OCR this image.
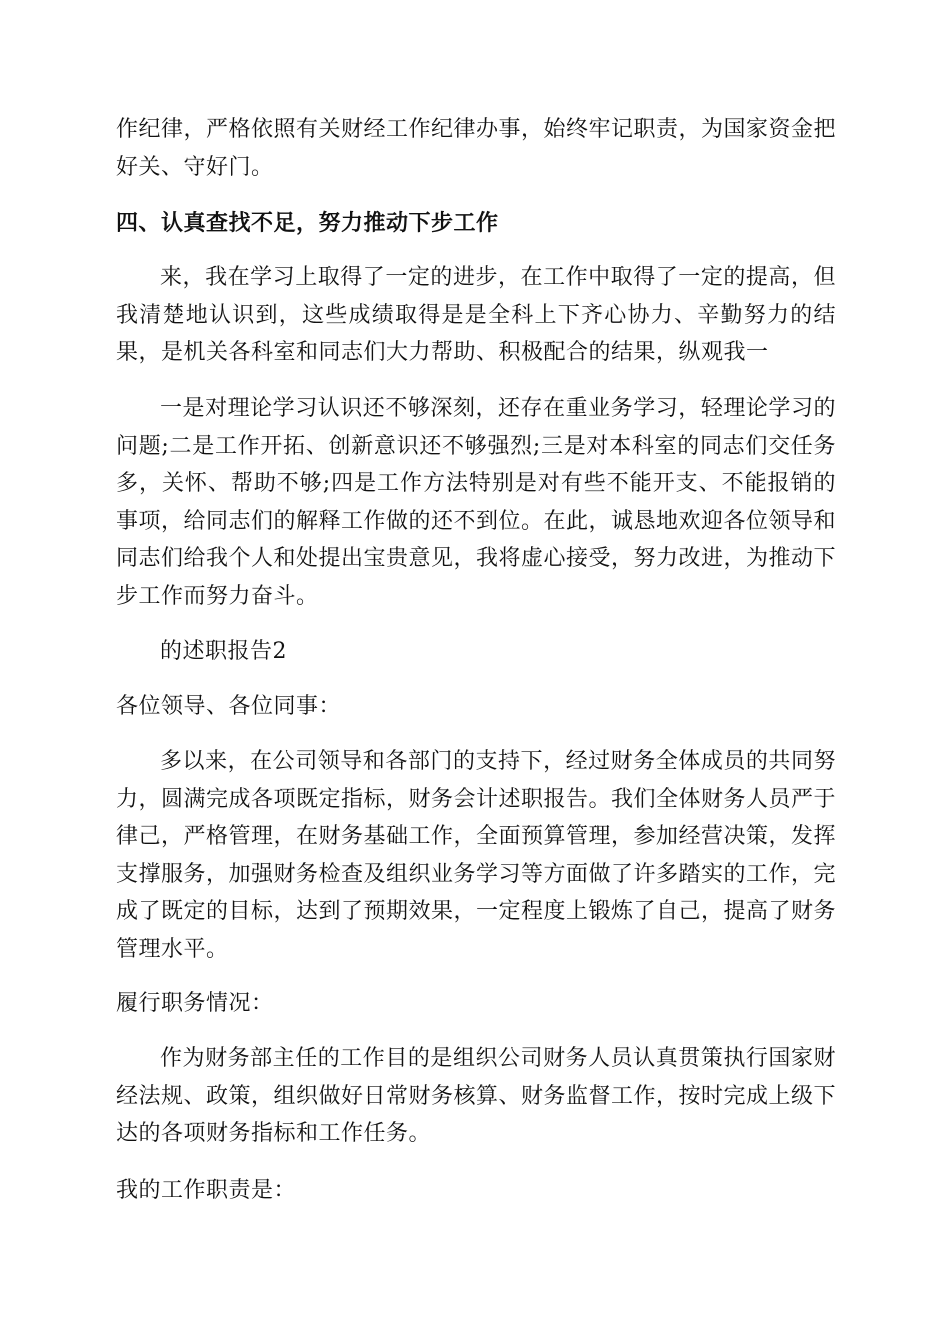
作纪律，严格依照有关财经工作纪律办事，始终牢记职责，为国家资金把好关、守好门。

四、认真查找不足，努力推动下步工作

来，我在学习上取得了一定的进步，在工作中取得了一定的提高，但我清楚地认识到，这些成绩取得是是全科上下齐心协力、辛勤努力的结果，是机关各科室和同志们大力帮助、积极配合的结果，纵观我一

一是对理论学习认识还不够深刻，还存在重业务学习，轻理论学习的问题;二是工作开拓、创新意识还不够强烈;三是对本科室的同志们交任务多，关怀、帮助不够;四是工作方法特别是对有些不能开支、不能报销的事项，给同志们的解释工作做的还不到位。在此，诚恳地欢迎各位领导和同志们给我个人和处提出宝贵意见，我将虚心接受，努力改进，为推动下步工作而努力奋斗。

的述职报告2

各位领导、各位同事：

多以来，在公司领导和各部门的支持下，经过财务全体成员的共同努力，圆满完成各项既定指标，财务会计述职报告。我们全体财务人员严于律己，严格管理，在财务基础工作，全面预算管理，参加经营决策，发挥支撑服务，加强财务检查及组织业务学习等方面做了许多踏实的工作，完成了既定的目标，达到了预期效果，一定程度上锻炼了自己，提高了财务管理水平。

履行职务情况：

作为财务部主任的工作目的是组织公司财务人员认真贯策执行国家财经法规、政策，组织做好日常财务核算、财务监督工作，按时完成上级下达的各项财务指标和工作任务。

我的工作职责是：
